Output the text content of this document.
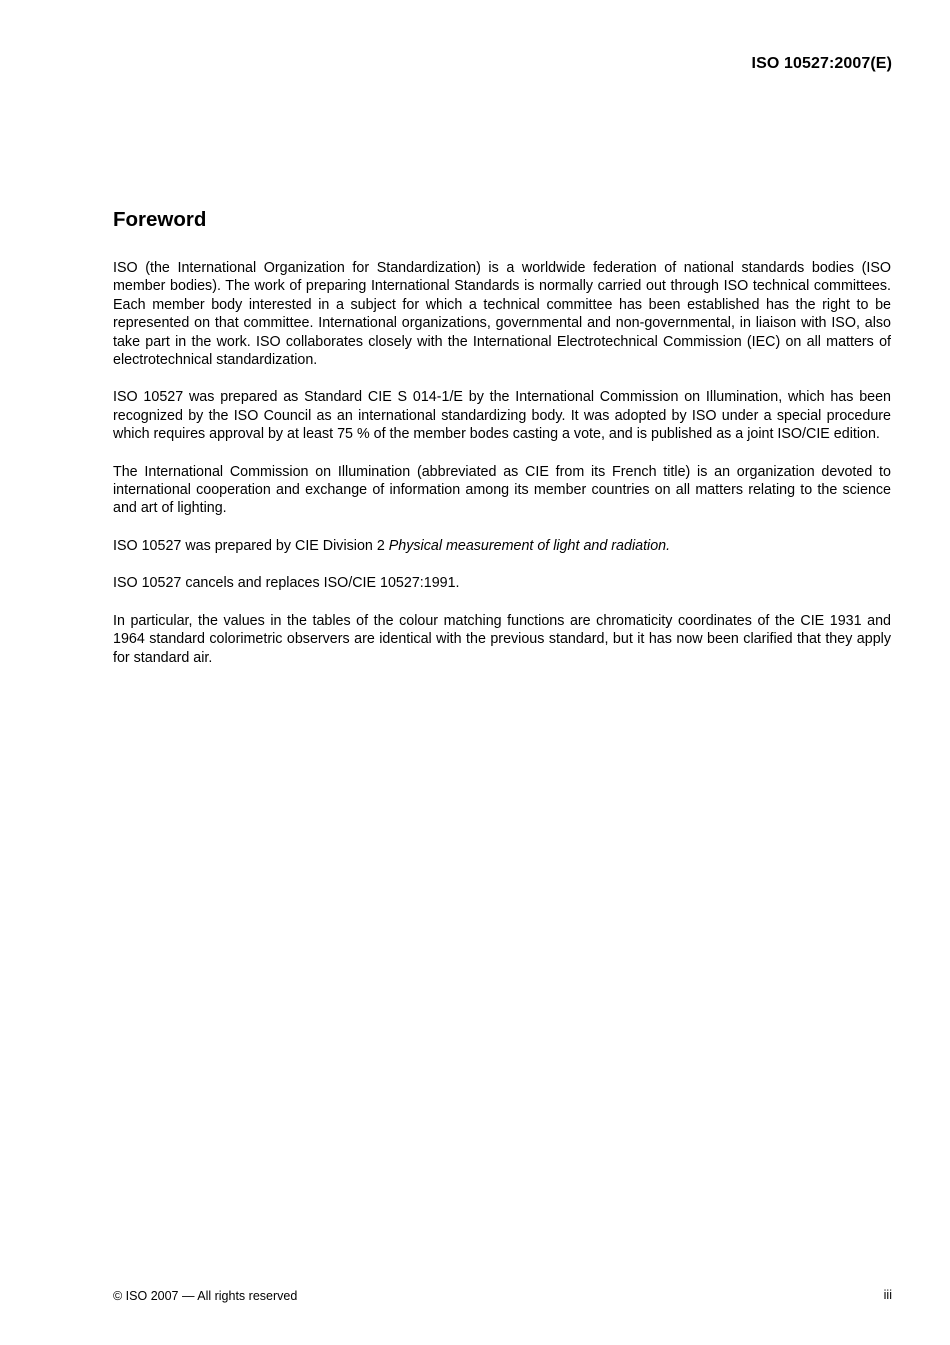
ISO 10527:2007(E)
Foreword

ISO (the International Organization for Standardization) is a worldwide federation of national standards bodies (ISO member bodies). The work of preparing International Standards is normally carried out through ISO technical committees. Each member body interested in a subject for which a technical committee has been established has the right to be represented on that committee. International organizations, governmental and non-governmental, in liaison with ISO, also take part in the work. ISO collaborates closely with the International Electrotechnical Commission (IEC) on all matters of electrotechnical standardization.

ISO 10527 was prepared as Standard CIE S 014-1/E by the International Commission on Illumination, which has been recognized by the ISO Council as an international standardizing body. It was adopted by ISO under a special procedure which requires approval by at least 75 % of the member bodes casting a vote, and is published as a joint ISO/CIE edition.

The International Commission on Illumination (abbreviated as CIE from its French title) is an organization devoted to international cooperation and exchange of information among its member countries on all matters relating to the science and art of lighting.

ISO 10527 was prepared by CIE Division 2 Physical measurement of light and radiation.

ISO 10527 cancels and replaces ISO/CIE 10527:1991.

In particular, the values in the tables of the colour matching functions are chromaticity coordinates of the CIE 1931 and 1964 standard colorimetric observers are identical with the previous standard, but it has now been clarified that they apply for standard air.

© ISO 2007 — All rights reserved	iii
